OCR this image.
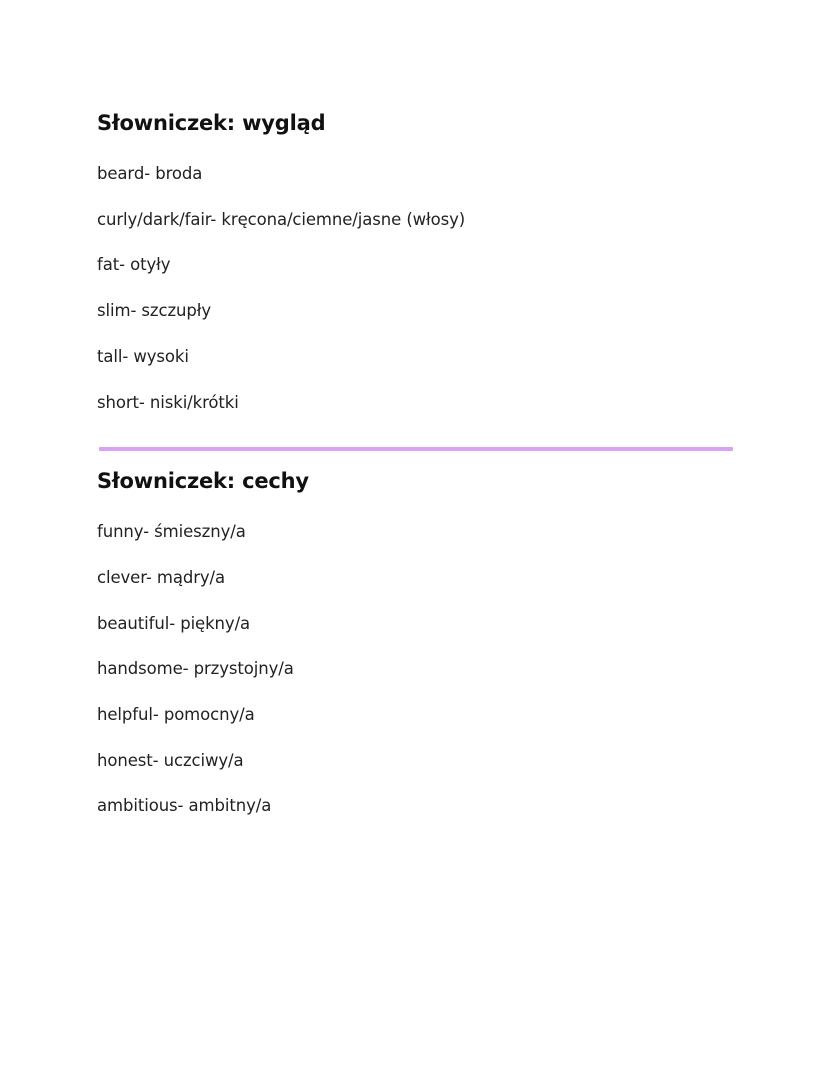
Słowniczek: wygląd

beard- broda

curly/dark/fair- kręcona/ciemne/jasne (włosy)

fat- otyły

slim- szczupły

tall- wysoki

short- niski/krótki

Słowniczek: cechy

funny- śmieszny/a

clever- mądry/a

beautiful- piękny/a

handsome- przystojny/a

helpful- pomocny/a

honest- uczciwy/a

ambitious- ambitny/a
